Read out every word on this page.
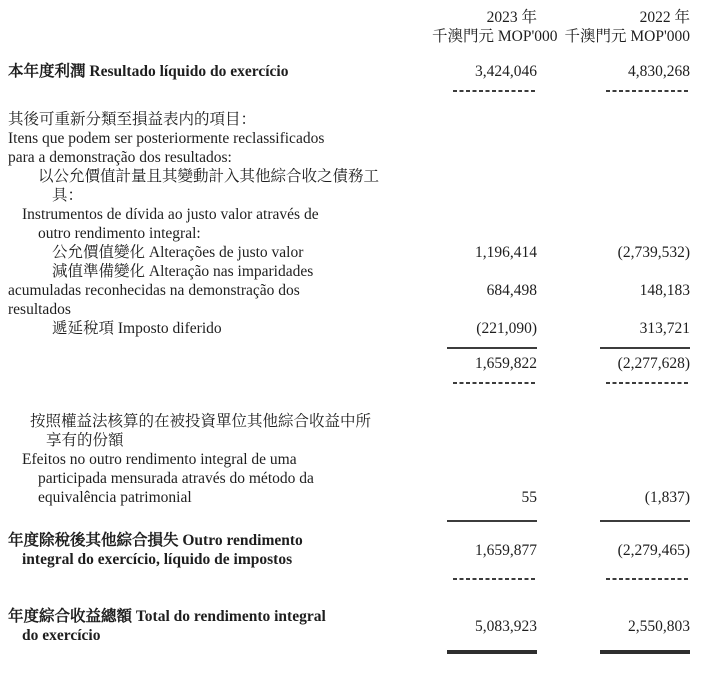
2023 年
千澳門元 MOP'000
2022 年
千澳門元 MOP'000
本年度利潤 Resultado líquido do exercício	3,424,046	4,830,268
其後可重新分類至損益表内的項目：
Itens que podem ser posteriormente reclassificados
para a demonstração dos resultados:
以公允價值計量且其變動計入其他綜合收之債務工
具：
Instrumentos de dívida ao justo valor através de
outro rendimento integral:
公允價值變化 Alterações de justo valor	1,196,414	(2,739,532)
減值準備變化 Alteração nas imparidades
acumuladas reconhecidas na demonstração dos	684,498	148,183
resultados
遞延稅項 Imposto diferido	(221,090)	313,721
1,659,822	(2,277,628)
按照權益法核算的在被投資單位其他綜合收益中所
享有的份額
Efeitos no outro rendimento integral de uma
participada mensurada através do método da
equivalência patrimonial	55	(1,837)
年度除稅後其他綜合損失 Outro rendimento
integral do exercício, líquido de impostos
1,659,877	(2,279,465)
年度綜合收益總額 Total do rendimento integral
do exercício
5,083,923	2,550,803
